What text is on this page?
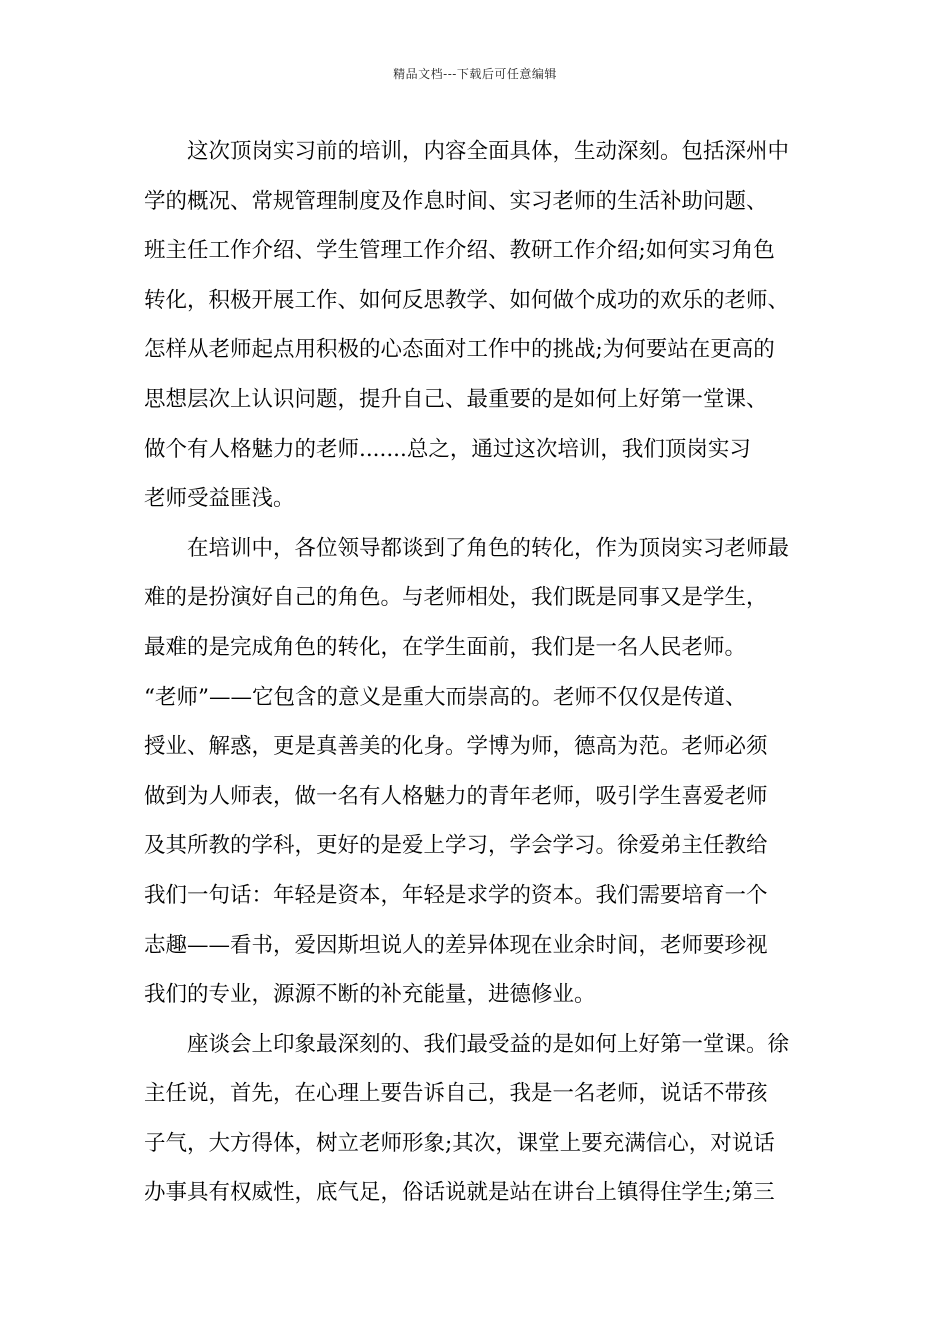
精品文档---下载后可任意编辑
这次顶岗实习前的培训，内容全面具体，生动深刻。包括深州中
学的概况、常规管理制度及作息时间、实习老师的生活补助问题、
班主任工作介绍、学生管理工作介绍、教研工作介绍;如何实习角色
转化，积极开展工作、如何反思教学、如何做个成功的欢乐的老师、
怎样从老师起点用积极的心态面对工作中的挑战;为何要站在更高的
思想层次上认识问题，提升自己、最重要的是如何上好第一堂课、
做个有人格魅力的老师.......总之，通过这次培训，我们顶岗实习
老师受益匪浅。
在培训中，各位领导都谈到了角色的转化，作为顶岗实习老师最
难的是扮演好自己的角色。与老师相处，我们既是同事又是学生，
最难的是完成角色的转化，在学生面前，我们是一名人民老师。
“老师”——它包含的意义是重大而崇高的。老师不仅仅是传道、
授业、解惑，更是真善美的化身。学博为师，德高为范。老师必须
做到为人师表，做一名有人格魅力的青年老师，吸引学生喜爱老师
及其所教的学科，更好的是爱上学习，学会学习。徐爱弟主任教给
我们一句话：年轻是资本，年轻是求学的资本。我们需要培育一个
志趣——看书，爱因斯坦说人的差异体现在业余时间，老师要珍视
我们的专业，源源不断的补充能量，进德修业。
座谈会上印象最深刻的、我们最受益的是如何上好第一堂课。徐
主任说，首先，在心理上要告诉自己，我是一名老师，说话不带孩
子气，大方得体，树立老师形象;其次，课堂上要充满信心，对说话
办事具有权威性，底气足，俗话说就是站在讲台上镇得住学生;第三
